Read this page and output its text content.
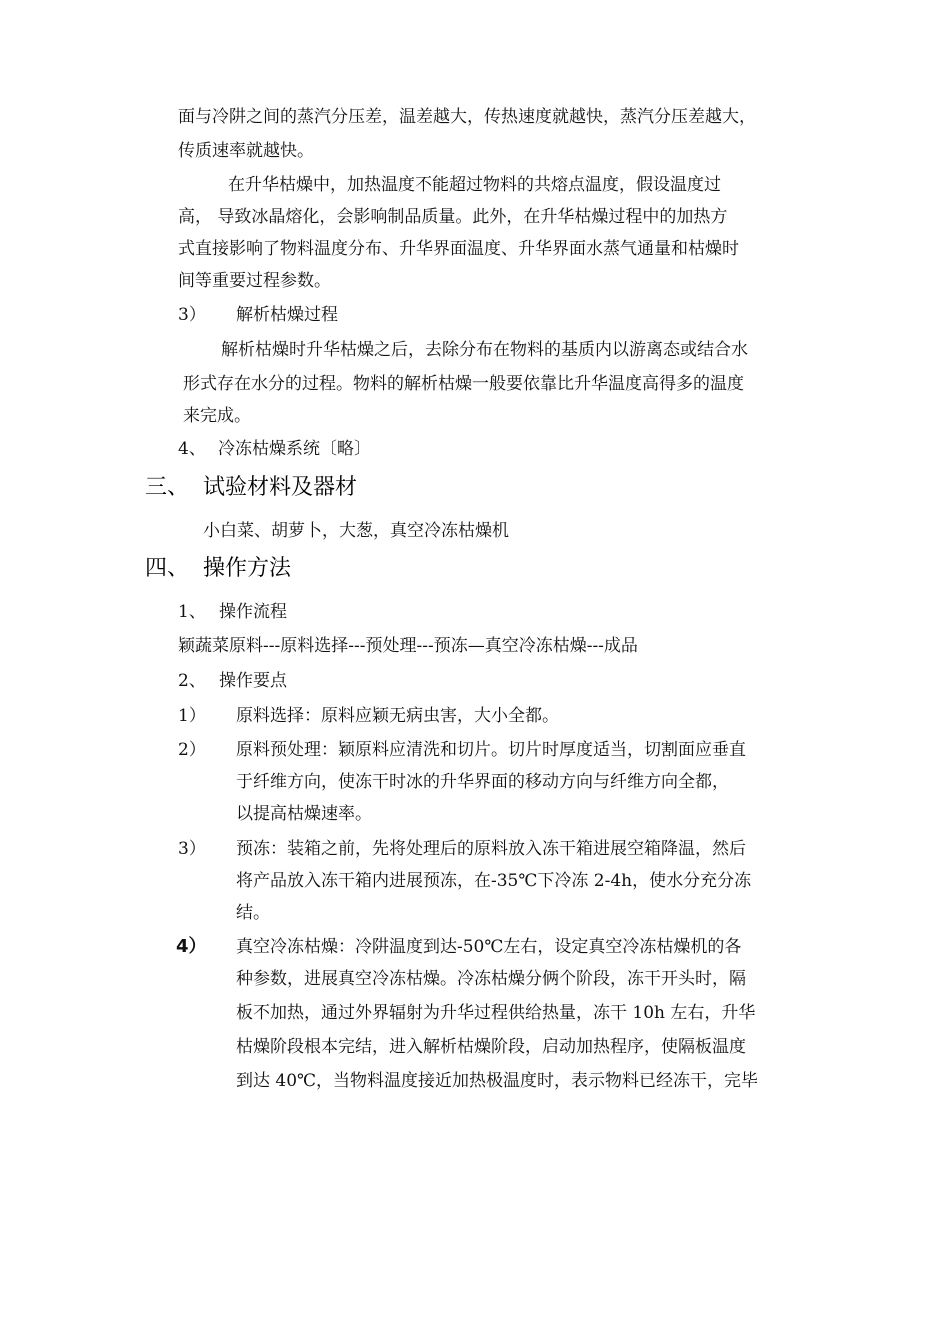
面与冷阱之间的蒸汽分压差，温差越大，传热速度就越快，蒸汽分压差越大，
传质速率就越快。
在升华枯燥中，加热温度不能超过物料的共熔点温度，假设温度过
高， 导致冰晶熔化，会影响制品质量。此外，在升华枯燥过程中的加热方
式直接影响了物料温度分布、升华界面温度、升华界面水蒸气通量和枯燥时
间等重要过程参数。
3） 解析枯燥过程
解析枯燥时升华枯燥之后，去除分布在物料的基质内以游离态或结合水
形式存在水分的过程。物料的解析枯燥一般要依靠比升华温度高得多的温度
来完成。
4、 冷冻枯燥系统〔略〕
三、 试验材料及器材
小白菜、胡萝卜，大葱，真空冷冻枯燥机
四、 操作方法
1、 操作流程
颖蔬菜原料---原料选择---预处理---预冻—真空冷冻枯燥---成品
2、 操作要点
1） 原料选择：原料应颖无病虫害，大小全都。
2） 原料预处理：颖原料应清洗和切片。切片时厚度适当，切割面应垂直
于纤维方向，使冻干时冰的升华界面的移动方向与纤维方向全都，
以提高枯燥速率。
3） 预冻：装箱之前，先将处理后的原料放入冻干箱进展空箱降温，然后
将产品放入冻干箱内进展预冻，在-35℃下冷冻 2-4h，使水分充分冻
结。
4） 真空冷冻枯燥：冷阱温度到达-50℃左右，设定真空冷冻枯燥机的各
种参数，进展真空冷冻枯燥。冷冻枯燥分俩个阶段，冻干开头时，隔
板不加热，通过外界辐射为升华过程供给热量，冻干 10h 左右，升华
枯燥阶段根本完结，进入解析枯燥阶段，启动加热程序，使隔板温度
到达 40℃，当物料温度接近加热极温度时，表示物料已经冻干，完毕
